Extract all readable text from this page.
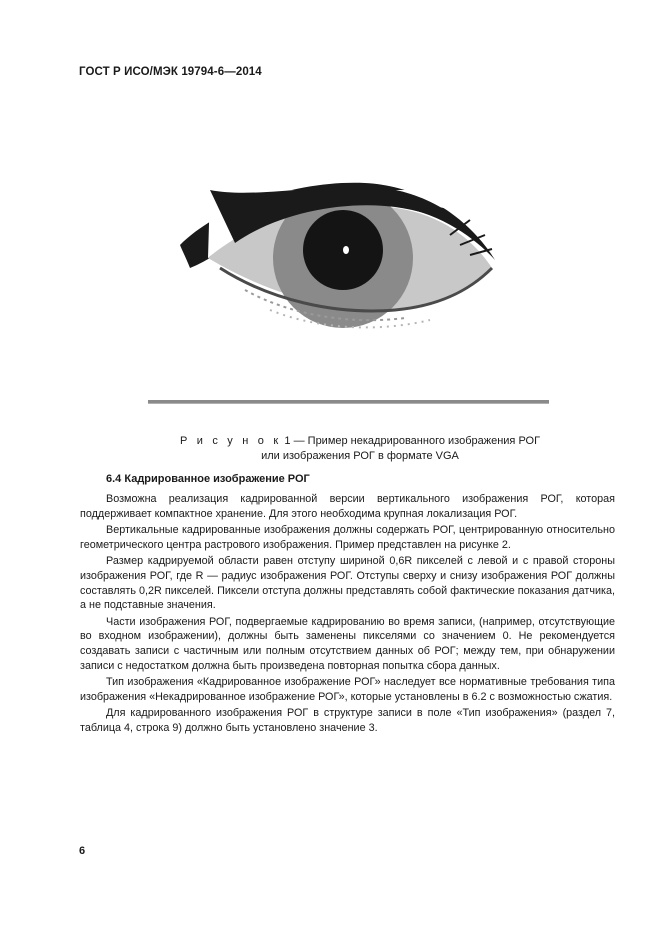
ГОСТ Р ИСО/МЭК 19794-6—2014
Р и с у н о к 1 — Пример некадрированного изображения РОГ
или изображения РОГ в формате VGA
6.4 Кадрированное изображение РОГ

Возможна реализация кадрированной версии вертикального изображения РОГ, которая поддерживает компактное хранение. Для этого необходима крупная локализация РОГ.

Вертикальные кадрированные изображения должны содержать РОГ, центрированную относительно геометрического центра растрового изображения. Пример представлен на рисунке 2.

Размер кадрируемой области равен отступу шириной 0,6R пикселей с левой и с правой стороны изображения РОГ, где R — радиус изображения РОГ. Отступы сверху и снизу изображения РОГ должны составлять 0,2R пикселей. Пиксели отступа должны представлять собой фактические показания датчика, а не подставные значения.

Части изображения РОГ, подвергаемые кадрированию во время записи, (например, отсутствующие во входном изображении), должны быть заменены пикселями со значением 0. Не рекомендуется создавать записи с частичным или полным отсутствием данных об РОГ; между тем, при обнаружении записи с недостатком должна быть произведена повторная попытка сбора данных.

Тип изображения «Кадрированное изображение РОГ» наследует все нормативные требования типа изображения «Некадрированное изображение РОГ», которые установлены в 6.2 с возможностью сжатия.

Для кадрированного изображения РОГ в структуре записи в поле «Тип изображения» (раздел 7, таблица 4, строка 9) должно быть установлено значение 3.

6
